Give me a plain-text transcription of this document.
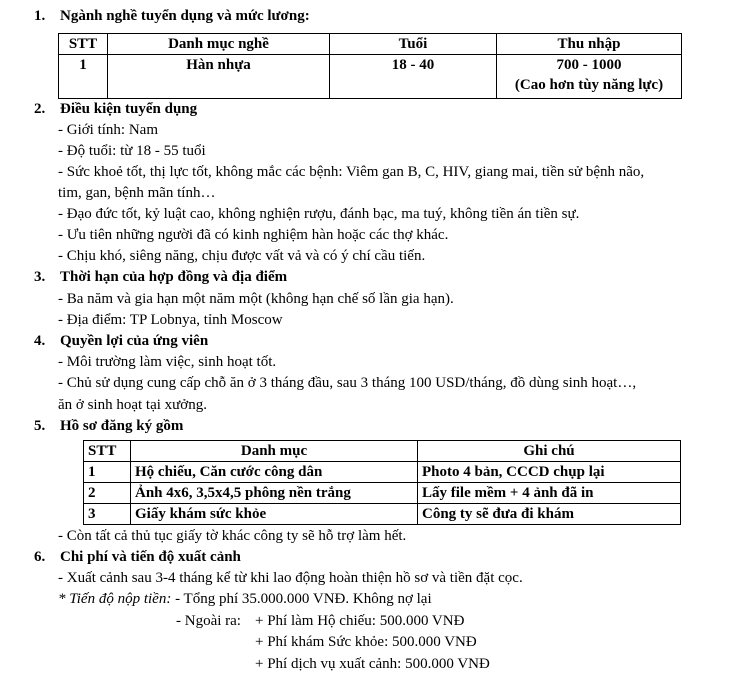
1. Ngành nghề tuyển dụng và mức lương:
STT	Danh mục nghề	Tuổi	Thu nhập
1	Hàn nhựa	18 - 40	700 - 1000
(Cao hơn tùy năng lực)
2. Điều kiện tuyển dụng
- Giới tính: Nam
- Độ tuổi: từ 18 - 55 tuổi
- Sức khoẻ tốt, thị lực tốt, không mắc các bệnh: Viêm gan B, C, HIV, giang mai, tiền sử bệnh não,
tim, gan, bệnh mãn tính…
- Đạo đức tốt, kỷ luật cao, không nghiện rượu, đánh bạc, ma tuý, không tiền án tiền sự.
- Ưu tiên những người đã có kinh nghiệm hàn hoặc các thợ khác.
- Chịu khó, siêng năng, chịu được vất vả và có ý chí cầu tiến.
3. Thời hạn của hợp đồng và địa điểm
- Ba năm và gia hạn một năm một (không hạn chế số lần gia hạn).
- Địa điểm: TP Lobnya, tỉnh Moscow
4. Quyền lợi của ứng viên
- Môi trường làm việc, sinh hoạt tốt.
- Chủ sử dụng cung cấp chỗ ăn ở 3 tháng đầu, sau 3 tháng 100 USD/tháng, đồ dùng sinh hoạt…,
ăn ở sinh hoạt tại xưởng.
5. Hồ sơ đăng ký gồm
STT	Danh mục	Ghi chú
1	Hộ chiếu, Căn cước công dân	Photo 4 bản, CCCD chụp lại
2	Ảnh 4x6, 3,5x4,5 phông nền trắng	Lấy file mềm + 4 ảnh đã in
3	Giấy khám sức khỏe	Công ty sẽ đưa đi khám
- Còn tất cả thủ tục giấy tờ khác công ty sẽ hỗ trợ làm hết.
6. Chi phí và tiến độ xuất cảnh
- Xuất cảnh sau 3-4 tháng kể từ khi lao động hoàn thiện hồ sơ và tiền đặt cọc.
* Tiến độ nộp tiền: - Tổng phí 35.000.000 VNĐ. Không nợ lại
- Ngoài ra: + Phí làm Hộ chiếu: 500.000 VNĐ
+ Phí khám Sức khỏe: 500.000 VNĐ
+ Phí dịch vụ xuất cảnh: 500.000 VNĐ
